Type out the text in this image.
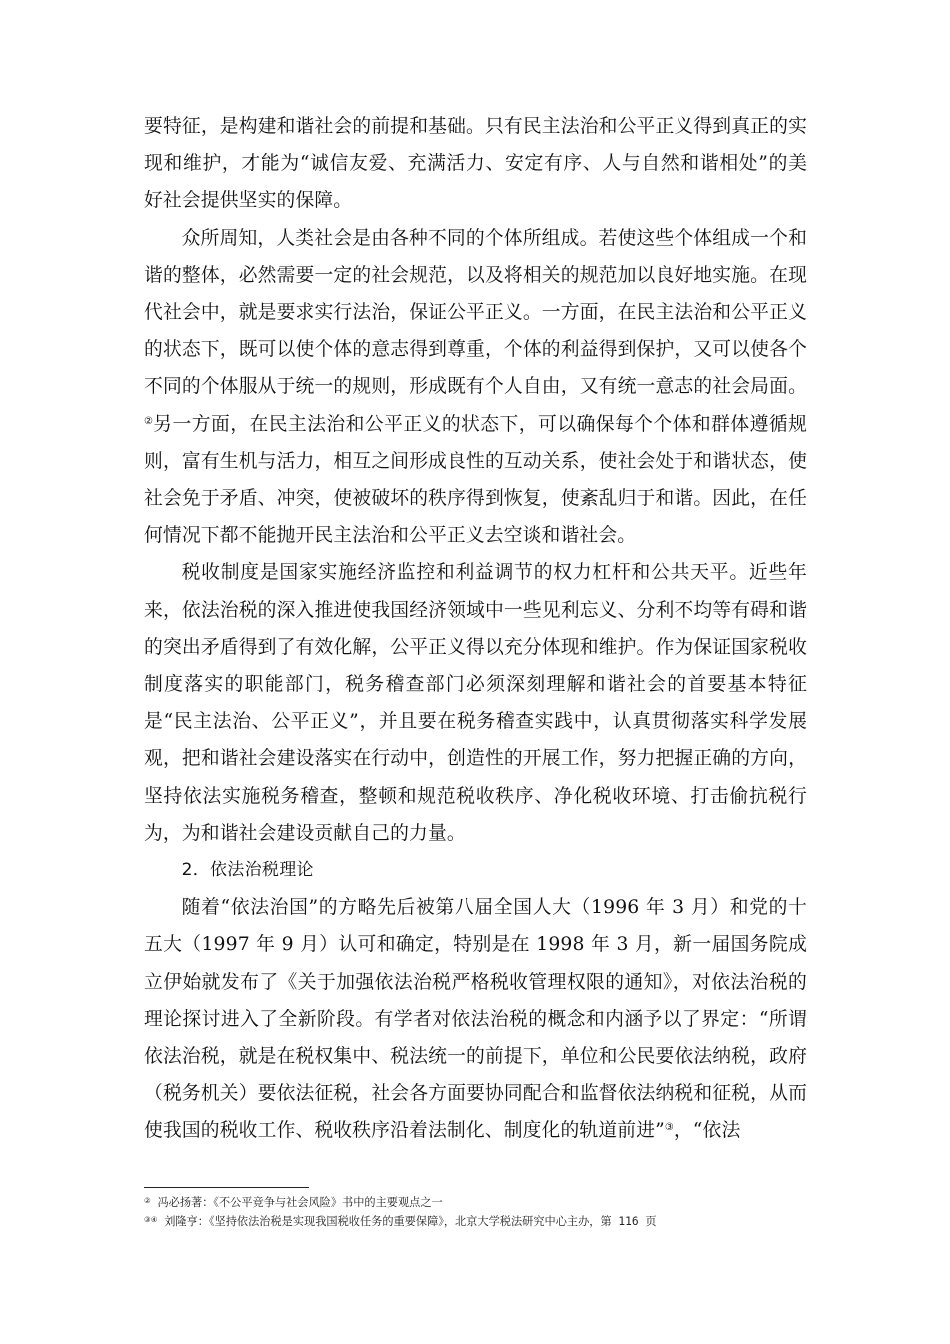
要特征，是构建和谐社会的前提和基础。只有民主法治和公平正义得到真正的实现和维护，才能为“诚信友爱、充满活力、安定有序、人与自然和谐相处”的美好社会提供坚实的保障。

众所周知，人类社会是由各种不同的个体所组成。若使这些个体组成一个和谐的整体，必然需要一定的社会规范，以及将相关的规范加以良好地实施。在现代社会中，就是要求实行法治，保证公平正义。一方面，在民主法治和公平正义的状态下，既可以使个体的意志得到尊重，个体的利益得到保护，又可以使各个不同的个体服从于统一的规则，形成既有个人自由，又有统一意志的社会局面。②另一方面，在民主法治和公平正义的状态下，可以确保每个个体和群体遵循规则，富有生机与活力，相互之间形成良性的互动关系，使社会处于和谐状态，使社会免于矛盾、冲突，使被破坏的秩序得到恢复，使紊乱归于和谐。因此，在任何情况下都不能抛开民主法治和公平正义去空谈和谐社会。

税收制度是国家实施经济监控和利益调节的权力杠杆和公共天平。近些年来，依法治税的深入推进使我国经济领域中一些见利忘义、分利不均等有碍和谐的突出矛盾得到了有效化解，公平正义得以充分体现和维护。作为保证国家税收制度落实的职能部门，税务稽查部门必须深刻理解和谐社会的首要基本特征是“民主法治、公平正义”，并且要在税务稽查实践中，认真贯彻落实科学发展观，把和谐社会建设落实在行动中，创造性的开展工作，努力把握正确的方向，坚持依法实施税务稽查，整顿和规范税收秩序、净化税收环境、打击偷抗税行为，为和谐社会建设贡献自己的力量。

2．依法治税理论

随着“依法治国”的方略先后被第八届全国人大（1996 年 3 月）和党的十五大（1997 年 9 月）认可和确定，特别是在 1998 年 3 月，新一届国务院成立伊始就发布了《关于加强依法治税严格税收管理权限的通知》，对依法治税的理论探讨进入了全新阶段。有学者对依法治税的概念和内涵予以了界定：“所谓依法治税，就是在税权集中、税法统一的前提下，单位和公民要依法纳税，政府（税务机关）要依法征税，社会各方面要协同配合和监督依法纳税和征税，从而使我国的税收工作、税收秩序沿着法制化、制度化的轨道前进”③，“依法

② 冯必扬著：《不公平竞争与社会风险》书中的主要观点之一

③④ 刘隆亨：《坚持依法治税是实现我国税收任务的重要保障》，北京大学税法研究中心主办，第 116 页
